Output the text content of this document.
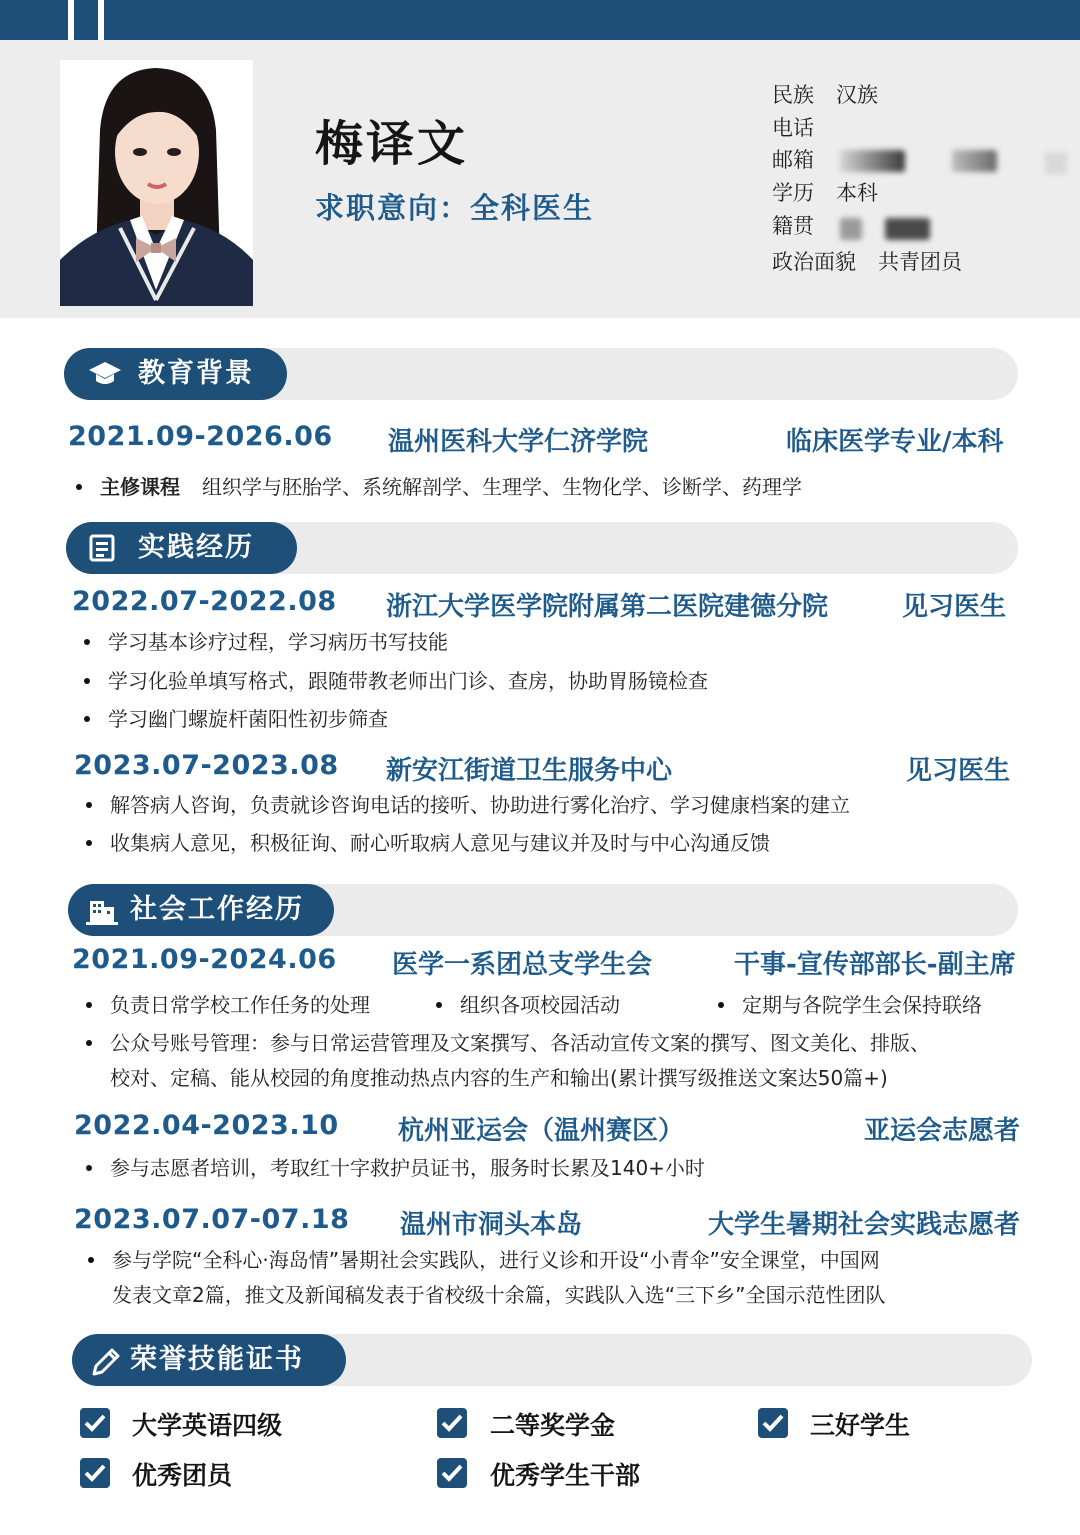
梅译文
求职意向：全科医生
民族 汉族
电话
邮箱
学历 本科
籍贯
政治面貌 共青团员
教育背景
2021.09-2026.06 温州医科大学仁济学院	临床医学专业/本科
主修课程 组织学与胚胎学、系统解剖学、生理学、生物化学、诊断学、药理学
实践经历
2022.07-2022.08 浙江大学医学院附属第二医院建德分院	见习医生
学习基本诊疗过程，学习病历书写技能
学习化验单填写格式，跟随带教老师出门诊、查房，协助胃肠镜检查
学习幽门螺旋杆菌阳性初步筛查
2023.07-2023.08 新安江街道卫生服务中心	见习医生
解答病人咨询，负责就诊咨询电话的接听、协助进行雾化治疗、学习健康档案的建立
收集病人意见，积极征询、耐心听取病人意见与建议并及时与中心沟通反馈
社会工作经历
2021.09-2024.06 医学一系团总支学生会	干事-宣传部部长-副主席
负责日常学校工作任务的处理	组织各项校园活动	定期与各院学生会保持联络
公众号账号管理：参与日常运营管理及文案撰写、各活动宣传文案的撰写、图文美化、排版、
校对、定稿、能从校园的角度推动热点内容的生产和输出(累计撰写级推送文案达50篇+)
2022.04-2023.10 杭州亚运会（温州赛区）	亚运会志愿者
参与志愿者培训，考取红十字救护员证书，服务时长累及140+小时
2023.07.07-07.18 温州市洞头本岛	大学生暑期社会实践志愿者
参与学院“全科心·海岛情”暑期社会实践队，进行义诊和开设“小青伞”安全课堂，中国网
发表文章2篇，推文及新闻稿发表于省校级十余篇，实践队入选“三下乡”全国示范性团队
荣誉技能证书
大学英语四级	二等奖学金	三好学生
优秀团员	优秀学生干部
